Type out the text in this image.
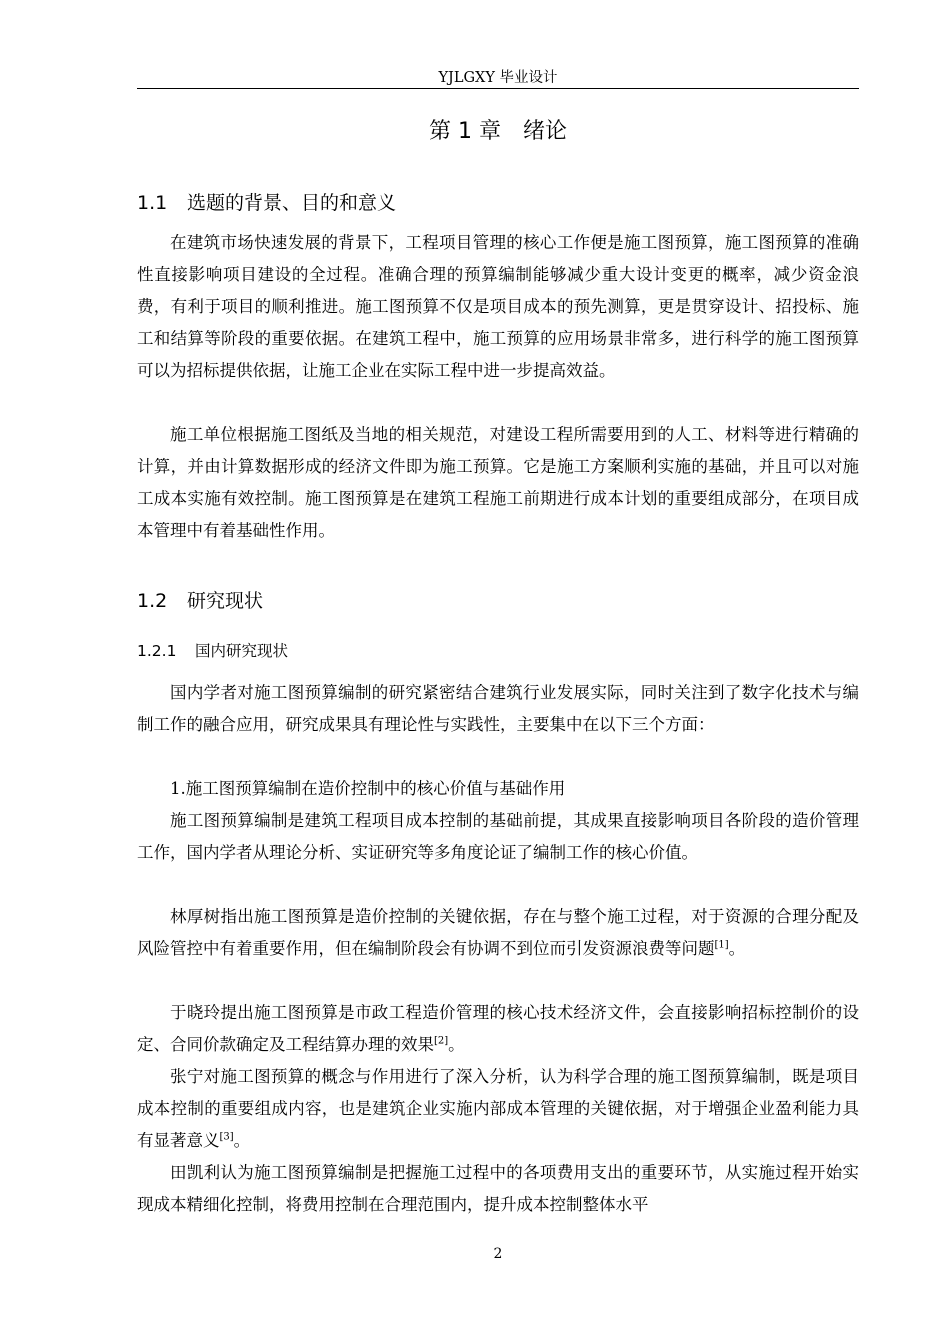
YJLGXY 毕业设计
第 1 章　绪论
1.1 选题的背景、目的和意义

在建筑市场快速发展的背景下，工程项目管理的核心工作便是施工图预算，施工图预算的准确性直接影响项目建设的全过程。准确合理的预算编制能够减少重大设计变更的概率，减少资金浪费，有利于项目的顺利推进。施工图预算不仅是项目成本的预先测算，更是贯穿设计、招投标、施工和结算等阶段的重要依据。在建筑工程中，施工预算的应用场景非常多，进行科学的施工图预算可以为招标提供依据，让施工企业在实际工程中进一步提高效益。

施工单位根据施工图纸及当地的相关规范，对建设工程所需要用到的人工、材料等进行精确的计算，并由计算数据形成的经济文件即为施工预算。它是施工方案顺利实施的基础，并且可以对施工成本实施有效控制。施工图预算是在建筑工程施工前期进行成本计划的重要组成部分，在项目成本管理中有着基础性作用。

1.2 研究现状
1.2.1 国内研究现状

国内学者对施工图预算编制的研究紧密结合建筑行业发展实际，同时关注到了数字化技术与编制工作的融合应用，研究成果具有理论性与实践性，主要集中在以下三个方面：

1.施工图预算编制在造价控制中的核心价值与基础作用

施工图预算编制是建筑工程项目成本控制的基础前提，其成果直接影响项目各阶段的造价管理工作，国内学者从理论分析、实证研究等多角度论证了编制工作的核心价值。

林厚树指出施工图预算是造价控制的关键依据，存在与整个施工过程，对于资源的合理分配及风险管控中有着重要作用，但在编制阶段会有协调不到位而引发资源浪费等问题[1]。

于晓玲提出施工图预算是市政工程造价管理的核心技术经济文件，会直接影响招标控制价的设定、合同价款确定及工程结算办理的效果[2]。

张宁对施工图预算的概念与作用进行了深入分析，认为科学合理的施工图预算编制，既是项目成本控制的重要组成内容，也是建筑企业实施内部成本管理的关键依据，对于增强企业盈利能力具有显著意义[3]。

田凯利认为施工图预算编制是把握施工过程中的各项费用支出的重要环节，从实施过程开始实现成本精细化控制，将费用控制在合理范围内，提升成本控制整体水平

2
